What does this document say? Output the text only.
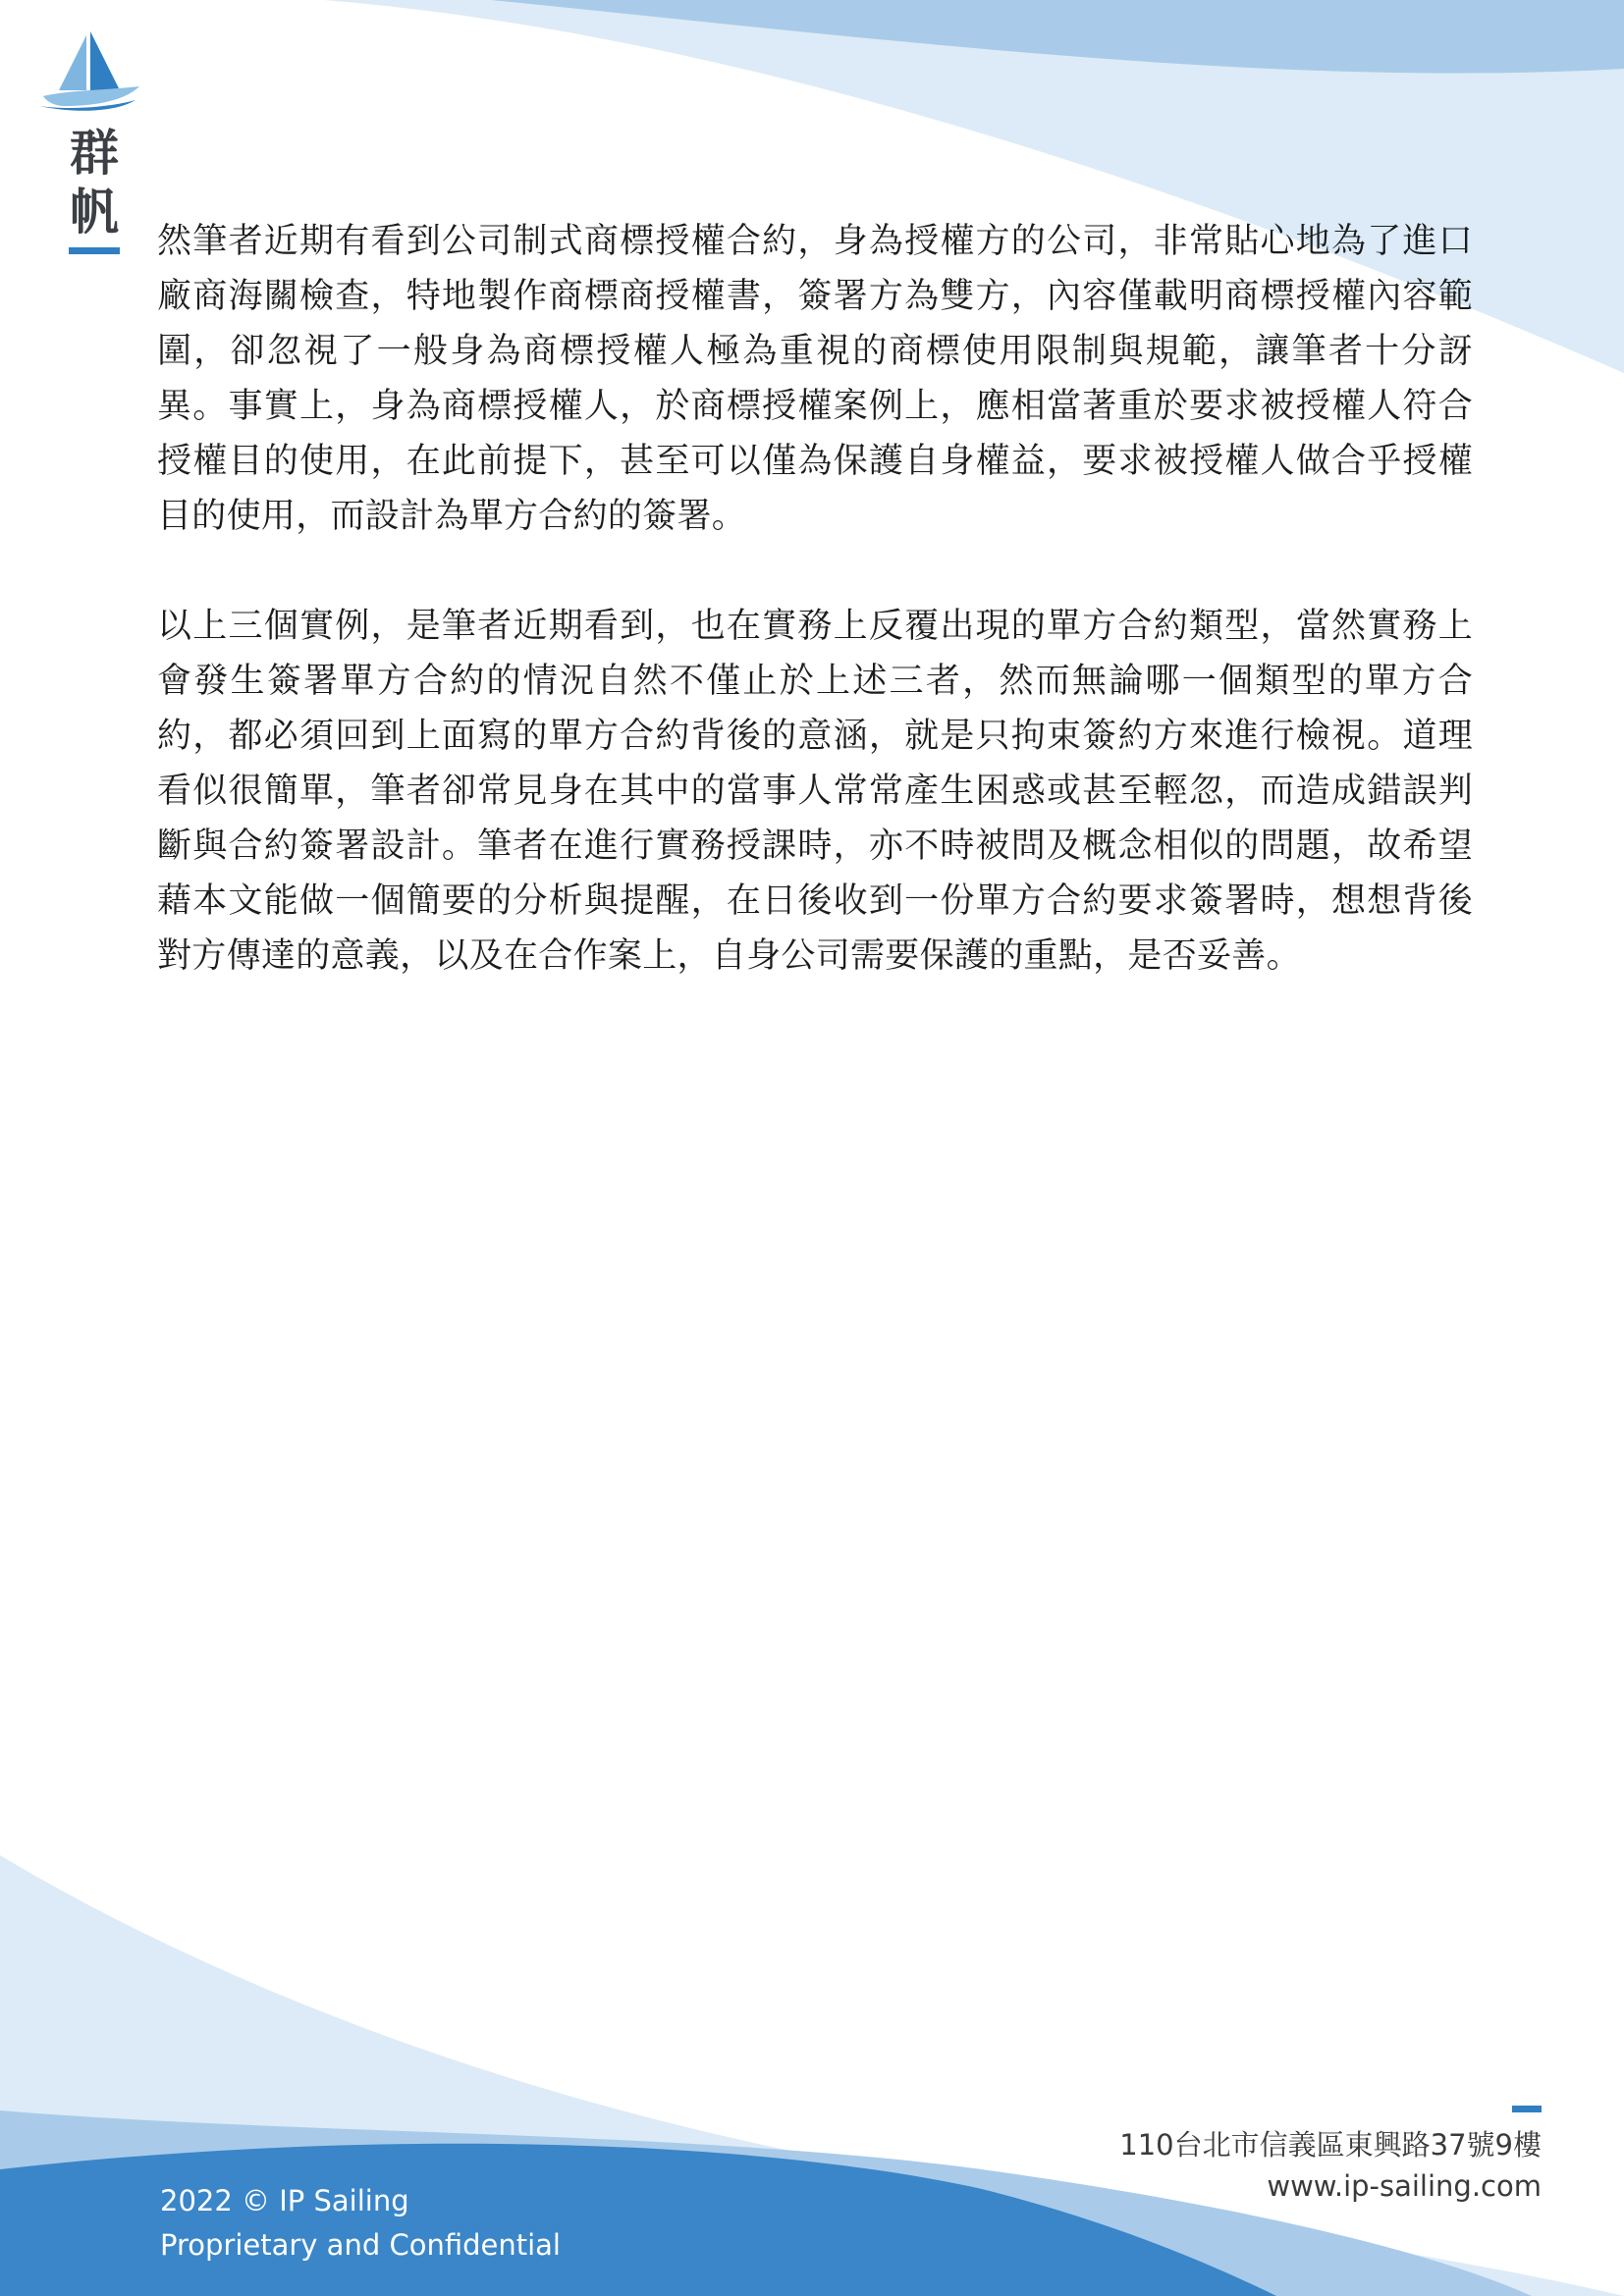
群帆

然筆者近期有看到公司制式商標授權合約，身為授權方的公司，非常貼心地為了進口廠商海關檢查，特地製作商標商授權書，簽署方為雙方，內容僅載明商標授權內容範圍，卻忽視了一般身為商標授權人極為重視的商標使用限制與規範，讓筆者十分訝異。事實上，身為商標授權人，於商標授權案例上，應相當著重於要求被授權人符合授權目的使用，在此前提下，甚至可以僅為保護自身權益，要求被授權人做合乎授權目的使用，而設計為單方合約的簽署。

以上三個實例，是筆者近期看到，也在實務上反覆出現的單方合約類型，當然實務上會發生簽署單方合約的情況自然不僅止於上述三者，然而無論哪一個類型的單方合約，都必須回到上面寫的單方合約背後的意涵，就是只拘束簽約方來進行檢視。道理看似很簡單，筆者卻常見身在其中的當事人常常產生困惑或甚至輕忽，而造成錯誤判斷與合約簽署設計。筆者在進行實務授課時，亦不時被問及概念相似的問題，故希望藉本文能做一個簡要的分析與提醒，在日後收到一份單方合約要求簽署時，想想背後對方傳達的意義，以及在合作案上，自身公司需要保護的重點，是否妥善。

110台北市信義區東興路37號9樓
www.ip-sailing.com
2022 © IP Sailing
Proprietary and Confidential
